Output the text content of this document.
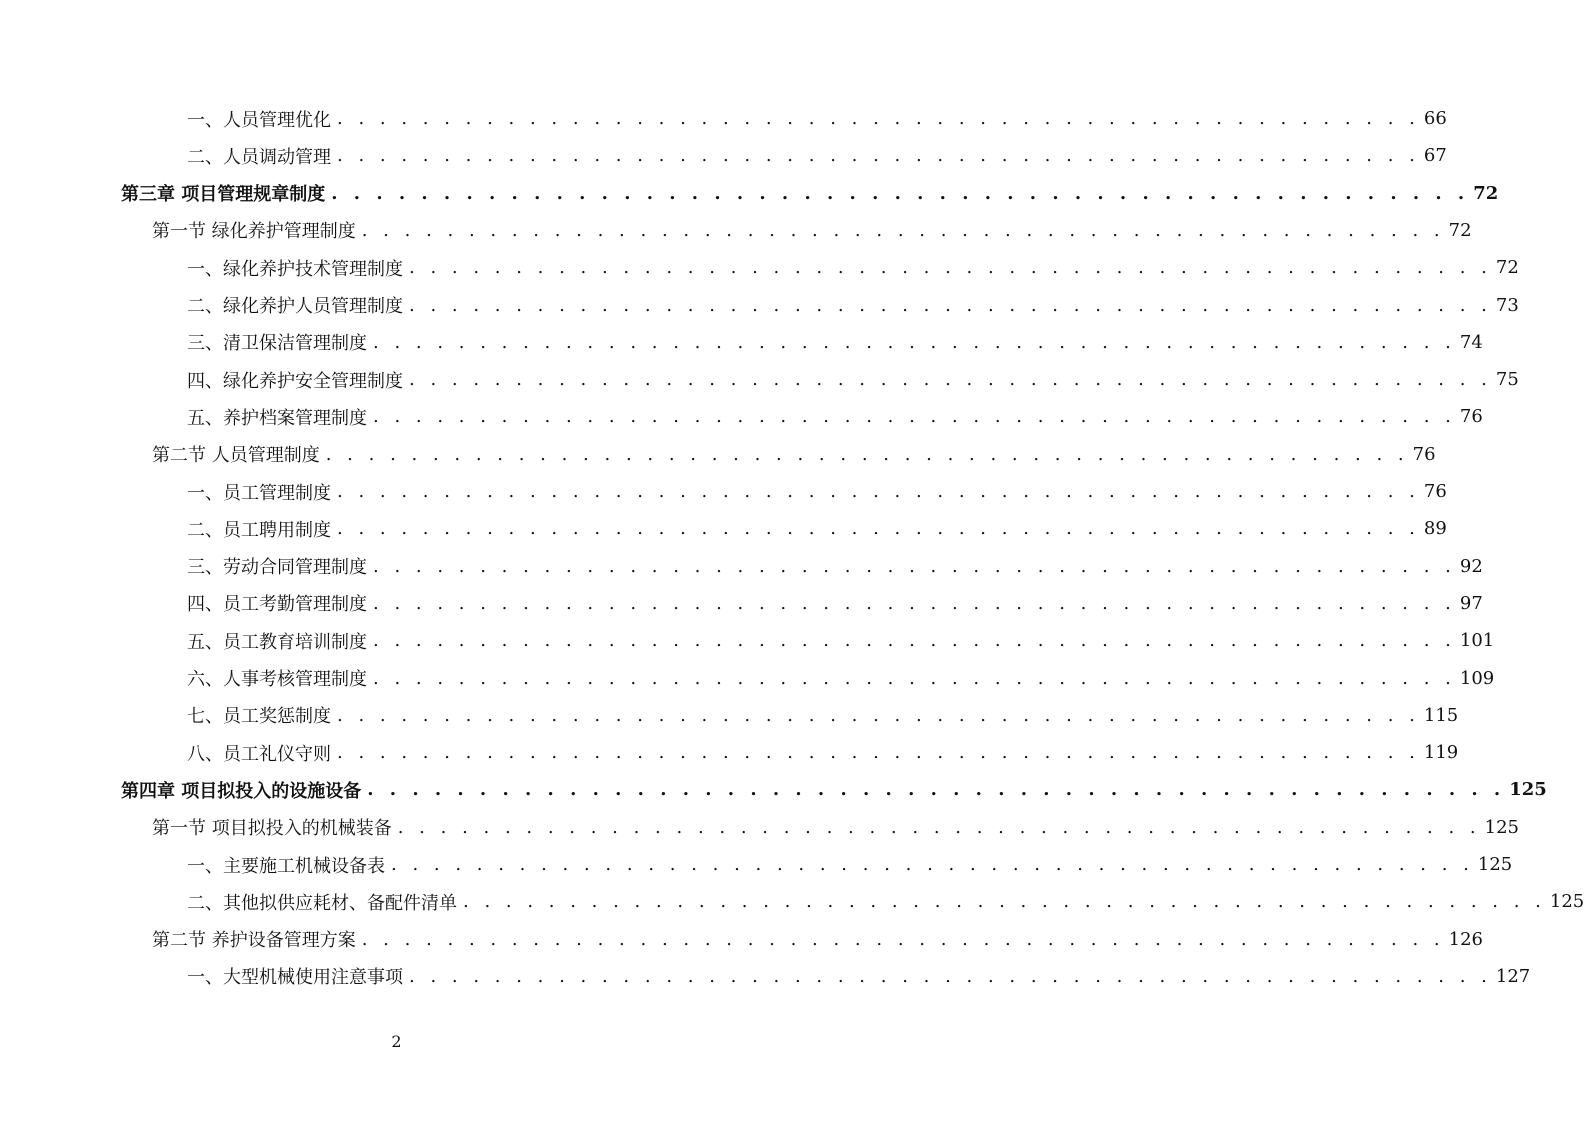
一、人员管理优化 . . . . . . . . . . . . . . . . . . . . . . . . . . . . . . . . . . . . . . . . . . . . . . . . . . . 66
二、人员调动管理 . . . . . . . . . . . . . . . . . . . . . . . . . . . . . . . . . . . . . . . . . . . . . . . . . . . 67
第三章 项目管理规章制度 . . . . . . . . . . . . . . . . . . . . . . . . . . . . . . . . . . . . . . . . . . . . . . . . . . . 72
第一节 绿化养护管理制度 . . . . . . . . . . . . . . . . . . . . . . . . . . . . . . . . . . . . . . . . . . . . . . . . . . . 72
一、绿化养护技术管理制度 . . . . . . . . . . . . . . . . . . . . . . . . . . . . . . . . . . . . . . . . . . . . . . . . . . . 72
二、绿化养护人员管理制度 . . . . . . . . . . . . . . . . . . . . . . . . . . . . . . . . . . . . . . . . . . . . . . . . . . . 73
三、清卫保洁管理制度 . . . . . . . . . . . . . . . . . . . . . . . . . . . . . . . . . . . . . . . . . . . . . . . . . . . 74
四、绿化养护安全管理制度 . . . . . . . . . . . . . . . . . . . . . . . . . . . . . . . . . . . . . . . . . . . . . . . . . . . 75
五、养护档案管理制度 . . . . . . . . . . . . . . . . . . . . . . . . . . . . . . . . . . . . . . . . . . . . . . . . . . . 76
第二节 人员管理制度 . . . . . . . . . . . . . . . . . . . . . . . . . . . . . . . . . . . . . . . . . . . . . . . . . . . 76
一、员工管理制度 . . . . . . . . . . . . . . . . . . . . . . . . . . . . . . . . . . . . . . . . . . . . . . . . . . . 76
二、员工聘用制度 . . . . . . . . . . . . . . . . . . . . . . . . . . . . . . . . . . . . . . . . . . . . . . . . . . . 89
三、劳动合同管理制度 . . . . . . . . . . . . . . . . . . . . . . . . . . . . . . . . . . . . . . . . . . . . . . . . . . . 92
四、员工考勤管理制度 . . . . . . . . . . . . . . . . . . . . . . . . . . . . . . . . . . . . . . . . . . . . . . . . . . . 97
五、员工教育培训制度 . . . . . . . . . . . . . . . . . . . . . . . . . . . . . . . . . . . . . . . . . . . . . . . . . . . 101
六、人事考核管理制度 . . . . . . . . . . . . . . . . . . . . . . . . . . . . . . . . . . . . . . . . . . . . . . . . . . . 109
七、员工奖惩制度 . . . . . . . . . . . . . . . . . . . . . . . . . . . . . . . . . . . . . . . . . . . . . . . . . . . 115
八、员工礼仪守则 . . . . . . . . . . . . . . . . . . . . . . . . . . . . . . . . . . . . . . . . . . . . . . . . . . . 119
第四章 项目拟投入的设施设备 . . . . . . . . . . . . . . . . . . . . . . . . . . . . . . . . . . . . . . . . . . . . . . . . . . . 125
第一节 项目拟投入的机械装备 . . . . . . . . . . . . . . . . . . . . . . . . . . . . . . . . . . . . . . . . . . . . . . . . . . . 125
一、主要施工机械设备表 . . . . . . . . . . . . . . . . . . . . . . . . . . . . . . . . . . . . . . . . . . . . . . . . . . . 125
二、其他拟供应耗材、备配件清单 . . . . . . . . . . . . . . . . . . . . . . . . . . . . . . . . . . . . . . . . . . . . . . . . . . . 125
第二节 养护设备管理方案 . . . . . . . . . . . . . . . . . . . . . . . . . . . . . . . . . . . . . . . . . . . . . . . . . . . 126
一、大型机械使用注意事项 . . . . . . . . . . . . . . . . . . . . . . . . . . . . . . . . . . . . . . . . . . . . . . . . . . . 127
2
